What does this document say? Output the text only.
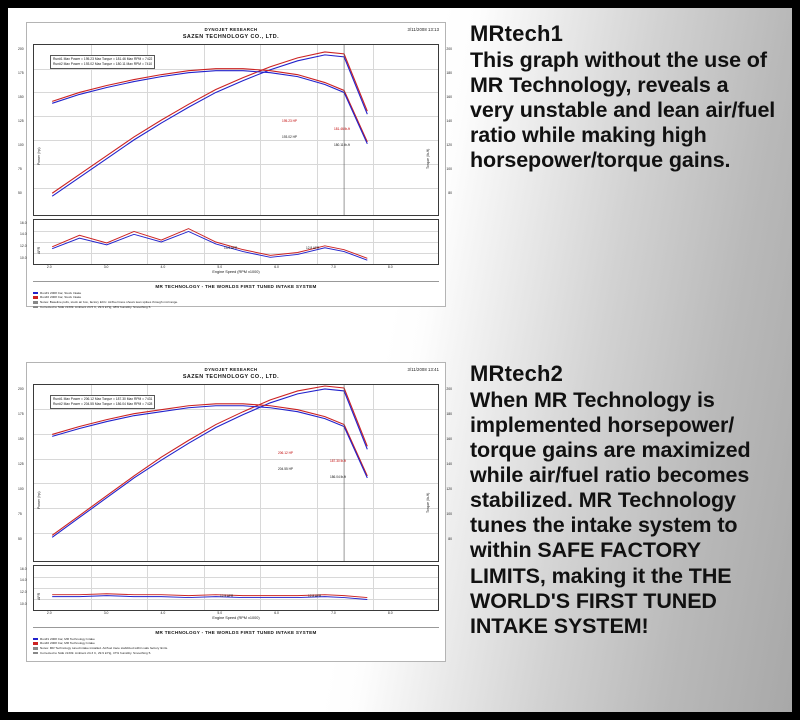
DYNOJET RESEARCH
SAZEN TECHNOLOGY CO., LTD.
3/11/2008 13:13
Power (hp)
200
175
150
125
100
75
50
Torque (lb-ft)
200
180
160
140
120
100
80
Run#1 Max Power = 195.23 Max Torque = 181.46 Max RPM = 7422
Run#2 Max Power = 193.02 Max Torque = 180.11 Max RPM = 7410
195.23 HP
181.46 lb-ft
193.02 HP
180.11 lb-ft
AFR
16.0
14.0
12.0
10.0
13.9 AFR	12.8 AFR
2.0	3.0	4.0	5.0	6.0	7.0	8.0
Engine Speed (RPM x1000)
MR TECHNOLOGY - THE WORLDS FIRST TUNED INTAKE SYSTEM
Run#1 2008 Car, Stock Intake
Run#2 2008 Car, Stock Intake
Notes: Baseline pulls, stock air box, factory ECU. Air/fuel trace shows lean spikes through mid range.
Corrected to SAE J1349. Ambient 24.5 C, 29.9 inHg, 48% humidity. Smoothing 5.
MRtech1

This graph without the use of MR Technology, reveals a very unstable and lean air/fuel ratio while making high horsepower/torque gains.

DYNOJET RESEARCH
SAZEN TECHNOLOGY CO., LTD.
3/11/2008 13:41
Power (hp)
200
175
150
125
100
75
50
Torque (lb-ft)
200
180
160
140
120
100
80
Run#1 Max Power = 206.12 Max Torque = 187.30 Max RPM = 7431
Run#2 Max Power = 204.55 Max Torque = 186.04 Max RPM = 7428
206.12 HP
187.30 lb-ft
204.55 HP
186.04 lb-ft
AFR
16.0
14.0
12.0
10.0
12.9 AFR	12.8 AFR
2.0	3.0	4.0	5.0	6.0	7.0	8.0
Engine Speed (RPM x1000)
MR TECHNOLOGY - THE WORLDS FIRST TUNED INTAKE SYSTEM
Run#1 2008 Car, MR Technology Intake
Run#2 2008 Car, MR Technology Intake
Notes: MR Technology tuned intake installed. Air/fuel trace stabilized within safe factory limits.
Corrected to SAE J1349. Ambient 24.3 C, 29.9 inHg, 47% humidity. Smoothing 5.
MRtech2

When MR Technology is implemented horsepower/ torque gains are maximized while air/fuel ratio becomes stabilized. MR Technology tunes the intake system to within SAFE FACTORY LIMITS, making it the THE WORLD'S FIRST TUNED INTAKE SYSTEM!
